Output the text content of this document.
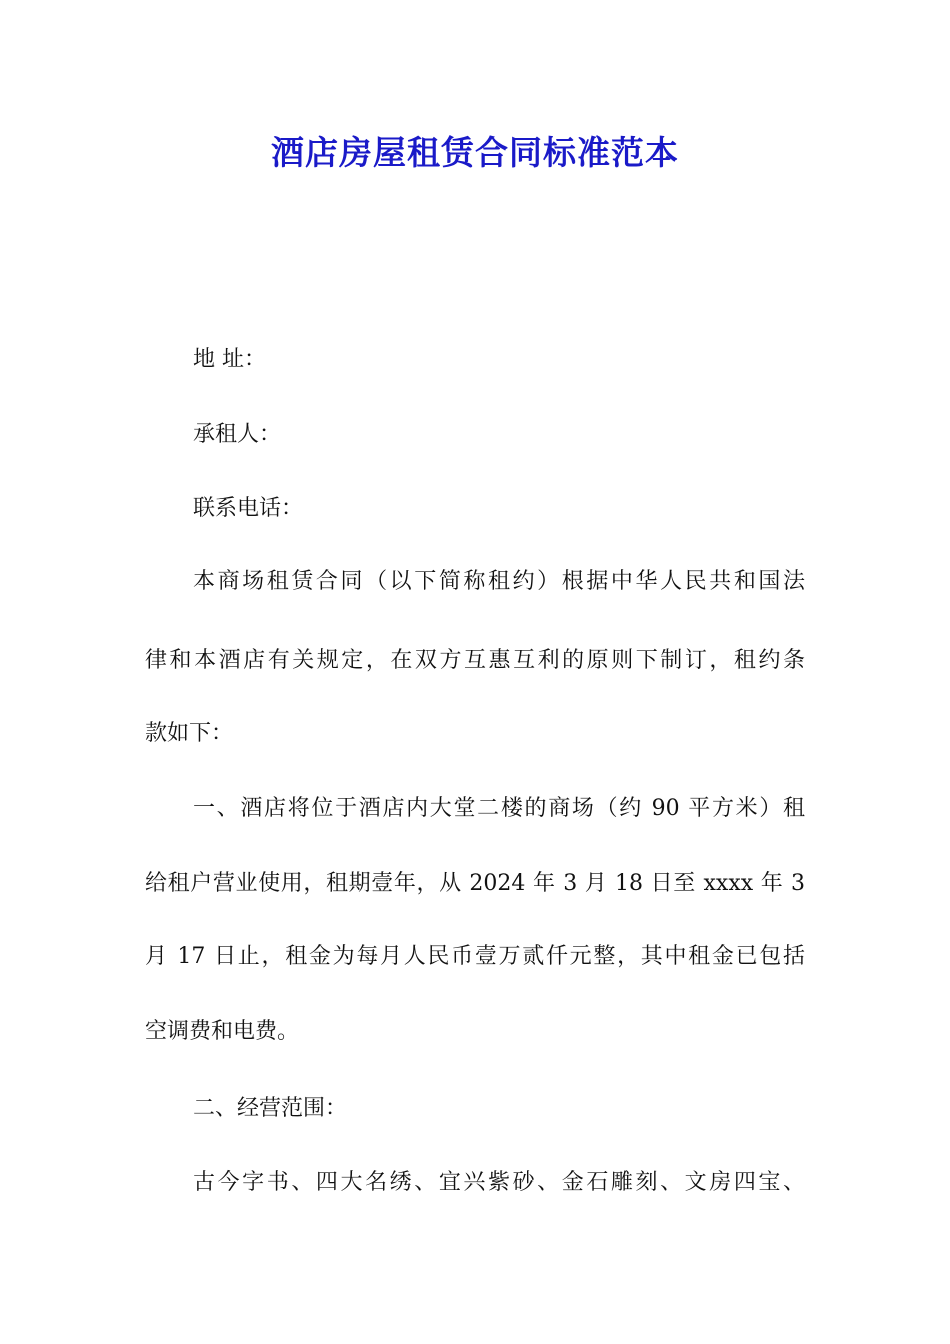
酒店房屋租赁合同标准范本

地 址：

承租人：

联系电话：

本商场租赁合同（以下简称租约）根据中华人民共和国法

律和本酒店有关规定，在双方互惠互利的原则下制订，租约条

款如下：

一、酒店将位于酒店内大堂二楼的商场（约 90 平方米）租

给租户营业使用，租期壹年，从 2024 年 3 月 18 日至 xxxx 年 3

月 17 日止，租金为每月人民币壹万贰仟元整，其中租金已包括

空调费和电费。

二、经营范围：

古今字书、四大名绣、宜兴紫砂、金石雕刻、文房四宝、
